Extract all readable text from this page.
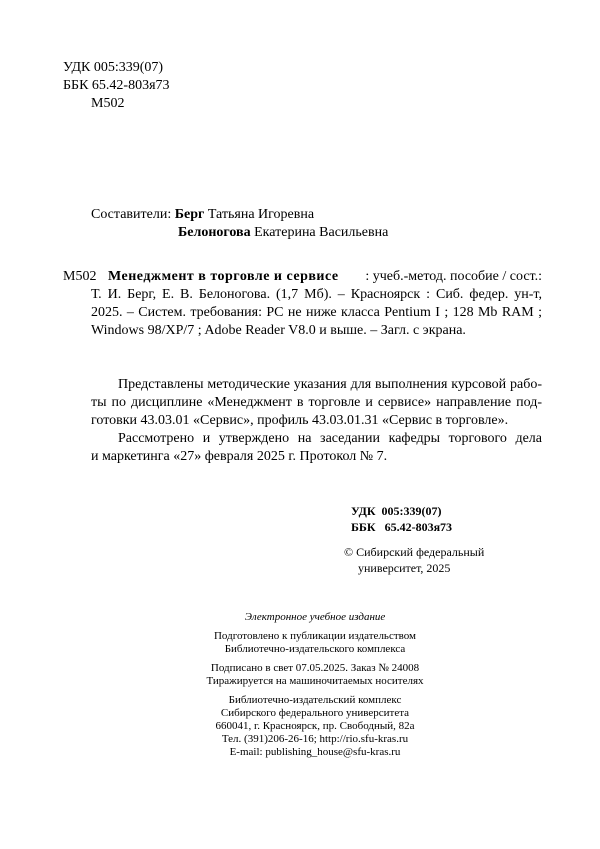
УДК 005:339(07)
ББК 65.42-803я73
М502
Составители: Берг Татьяна Игоревна
Белоногова Екатерина Васильевна
М502 Менеджмент в торговле и сервисе : учеб.-метод. пособие / сост.:
Т. И. Берг, Е. В. Белоногова. (1,7 Мб). – Красноярск : Сиб. федер. ун-т,
2025. – Систем. требования: PC не ниже класса Pentium I ; 128 Mb RAM ;
Windows 98/XP/7 ; Adobe Reader V8.0 и выше. – Загл. с экрана.
Представлены методические указания для выполнения курсовой рабо-
ты по дисциплине «Менеджмент в торговле и сервисе» направление под-
готовки 43.03.01 «Сервис», профиль 43.03.01.31 «Сервис в торговле».
Рассмотрено и утверждено на заседании кафедры торгового дела
и маркетинга «27» февраля 2025 г. Протокол № 7.
УДК  005:339(07)
ББК   65.42-803я73
© Сибирский федеральный
университет, 2025
Электронное учебное издание
Подготовлено к публикации издательством
Библиотечно-издательского комплекса
Подписано в свет 07.05.2025. Заказ № 24008
Тиражируется на машиночитаемых носителях
Библиотечно-издательский комплекс
Сибирского федерального университета
660041, г. Красноярск, пр. Свободный, 82а
Тел. (391)206-26-16; http://rio.sfu-kras.ru
E-mail: publishing_house@sfu-kras.ru
